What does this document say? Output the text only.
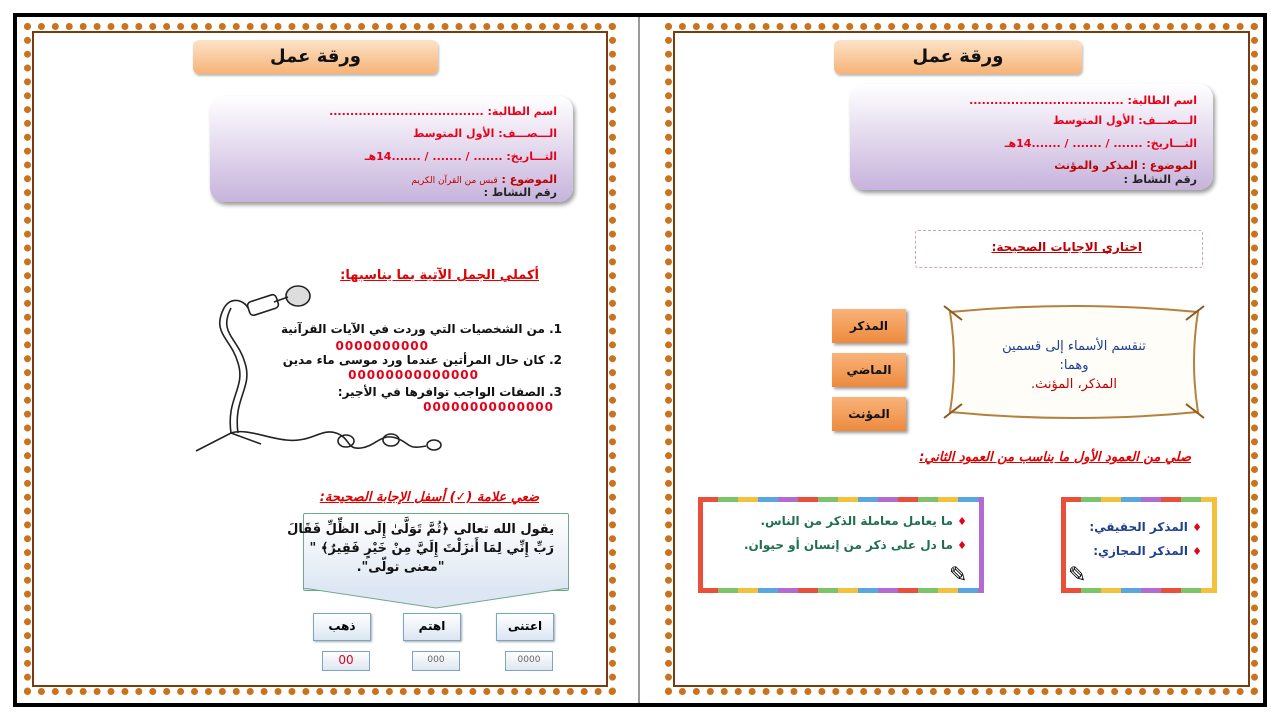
ورقة عمل
اسم الطالبة: .....................................
الـــصـــف: الأول المتوسط
التـــاريخ: ....... / ....... / .......14هـ
الموضوع : قبس من القرآن الكريم
رقم النشاط :
أكملي الجمل الآتية بما يناسبها:
1. من الشخصيات التي وردت في الآيات القرآنية
0000000000
2. كان حال المرأتين عندما ورد موسى ماء مدين
00000000000000
3. الصفات الواجب توافرها في الأجير:
00000000000000
ضعي علامة (✓) أسفل الإجابة الصحيحة:
يقول الله تعالى ﴿ثُمَّ تَوَلَّىٰ إِلَى الظِّلِّ فَقَالَ
رَبِّ إِنِّي لِمَا أَنزَلْتَ إِلَيَّ مِنْ خَيْرٍ فَقِيرٌ﴾ "
"معنى تولّى".
اعتنى
اهتم
ذهب
0000
000
00
ورقة عمل
اسم الطالبة: .....................................
الـــصـــف: الأول المتوسط
التـــاريخ: ....... / ....... / .......14هـ
الموضوع : المذكر والمؤنث
رقم النشاط :
اختاري الاجابات الصحيحة:
المذكر
الماضي
المؤنث
تنقسم الأسماء إلى قسمين
وهما:
المذكر، المؤنث.
صلي من العمود الأول ما يناسب من العمود الثاني:
♦ المذكر الحقيقي:
♦ المذكر المجازي:
✎
♦ ما يعامل معاملة الذكر من الناس.
♦ ما دل على ذكر من إنسان أو حيوان.
✎
